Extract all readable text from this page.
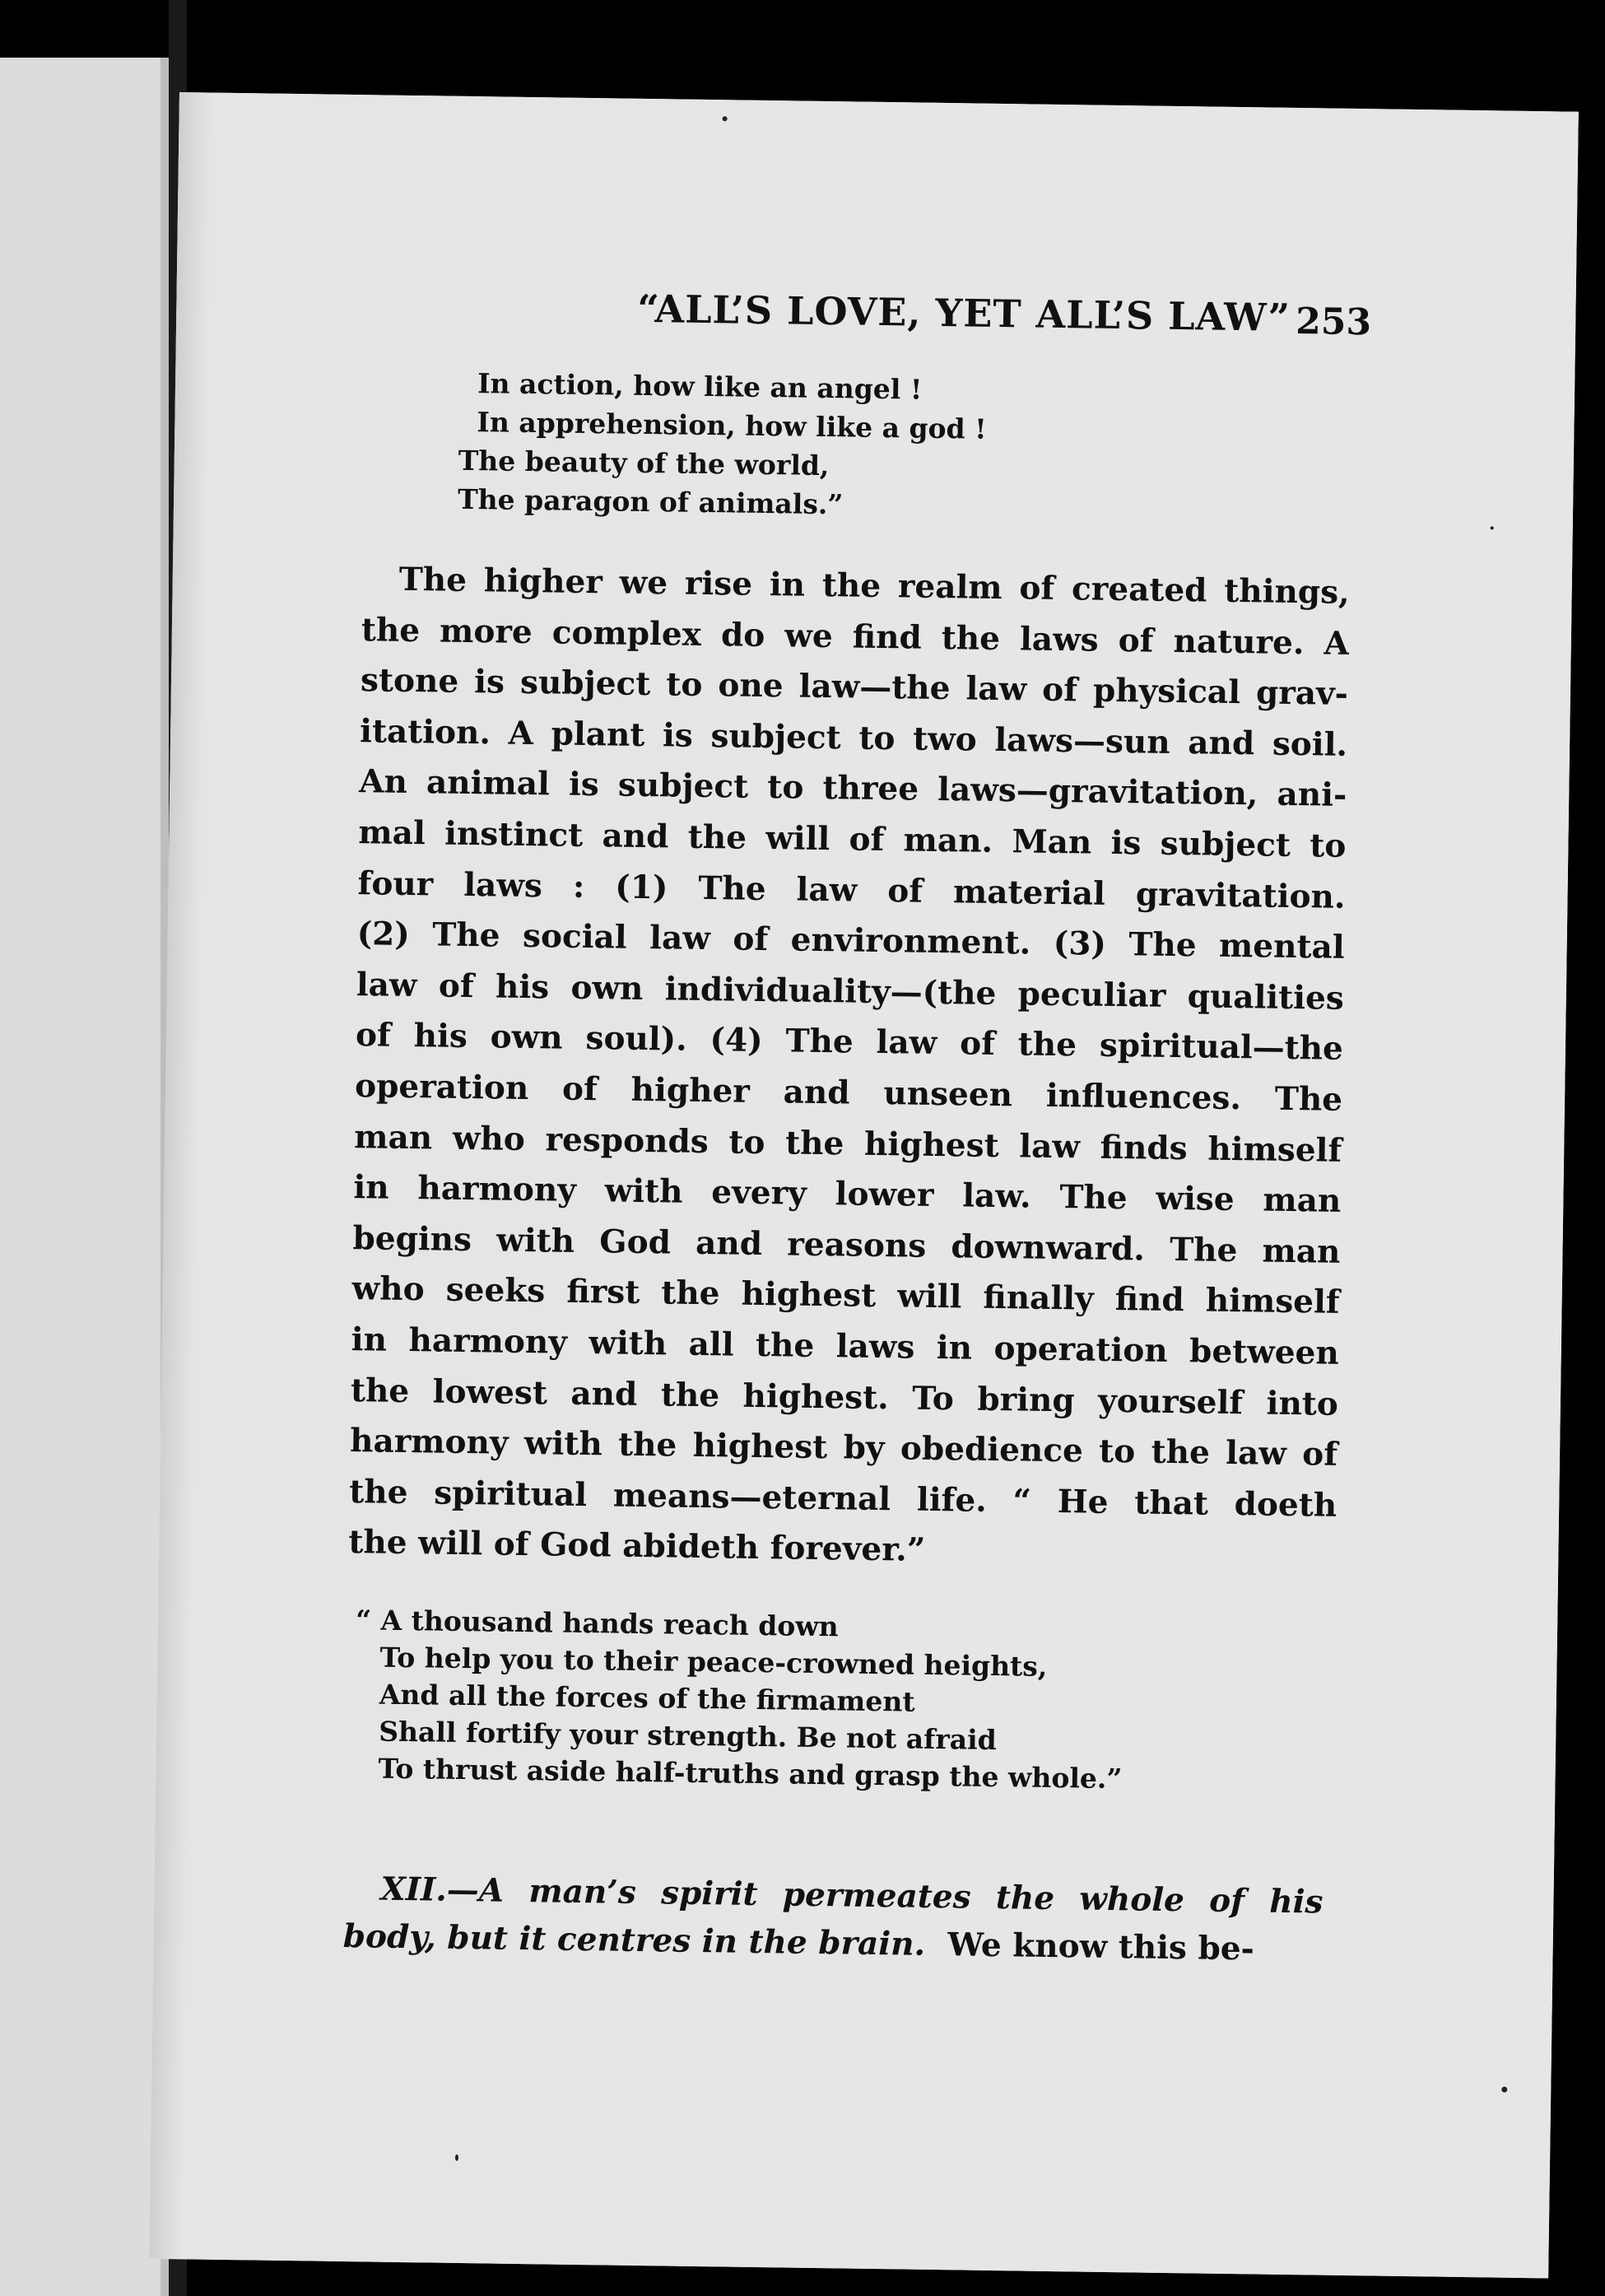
“ALL’S LOVE, YET ALL’S LAW” 253
In action, how like an angel !
In apprehension, how like a god !
The beauty of the world,
The paragon of animals.”
The higher we rise in the realm of created things,
the more complex do we find the laws of nature. A
stone is subject to one law—the law of physical grav-
itation. A plant is subject to two laws—sun and soil.
An animal is subject to three laws—gravitation, ani-
mal instinct and the will of man. Man is subject to
four laws : (1) The law of material gravitation.
(2) The social law of environment. (3) The mental
law of his own individuality—(the peculiar qualities
of his own soul). (4) The law of the spiritual—the
operation of higher and unseen influences. The
man who responds to the highest law finds himself
in harmony with every lower law. The wise man
begins with God and reasons downward. The man
who seeks first the highest will finally find himself
in harmony with all the laws in operation between
the lowest and the highest. To bring yourself into
harmony with the highest by obedience to the law of
the spiritual means—eternal life. “ He that doeth
the will of God abideth forever.”
“ A thousand hands reach down
To help you to their peace-crowned heights,
And all the forces of the firmament
Shall fortify your strength. Be not afraid
To thrust aside half-truths and grasp the whole.”
XII.—A man’s spirit permeates the whole of his
body, but it centres in the brain.  We know this be-
